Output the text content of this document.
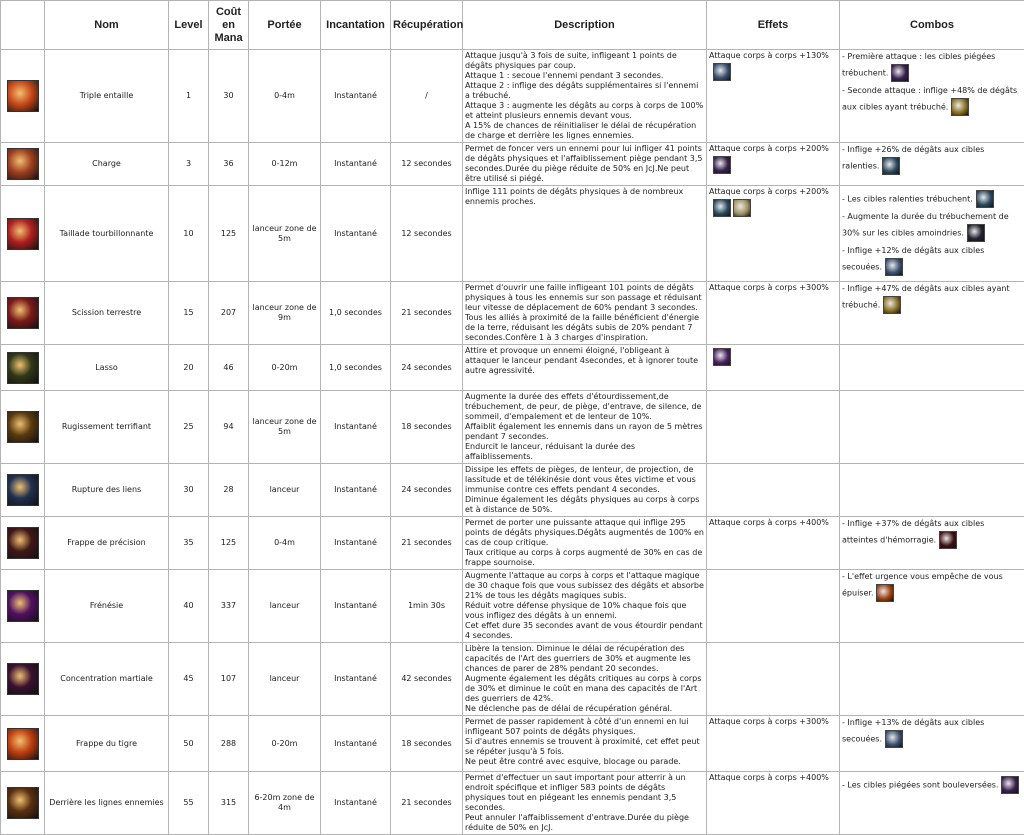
	Nom	Level	Coût en Mana	Portée	Incantation	Récupération	Description	Effets	Combos

	Triple entaille	1	30	0-4m	Instantané	/	Attaque jusqu'à 3 fois de suite, infligeant 1 points de dégâts physiques par coup.
Attaque 1 : secoue l'ennemi pendant 3 secondes.
Attaque 2 : inflige des dégâts supplémentaires si l'ennemi a trébuché.
Attaque 3 : augmente les dégâts au corps à corps de 100% et atteint plusieurs ennemis devant vous.
A 15% de chances de réinitialiser le délai de récupération de charge et derrière les lignes ennemies.	Attaque corps à corps +130%	- Première attaque : les cibles piégées trébuchent.
- Seconde attaque : inflige +48% de dégâts aux cibles ayant trébuché.

	Charge	3	36	0-12m	Instantané	12 secondes	Permet de foncer vers un ennemi pour lui infliger 41 points de dégâts physiques et l'affaiblissement piège pendant 3,5 secondes.Durée du piège réduite de 50% en JcJ.Ne peut être utilisé si piégé.	Attaque corps à corps +200%	- Inflige +26% de dégâts aux cibles ralenties.

	Taillade tourbillonnante	10	125	lanceur zone de 5m	Instantané	12 secondes	Inflige 111 points de dégâts physiques à de nombreux ennemis proches.	Attaque corps à corps +200%	- Les cibles ralenties trébuchent.
- Augmente la durée du trébuchement de 30% sur les cibles amoindries.
- Inflige +12% de dégâts aux cibles secouées.

	Scission terrestre	15	207	lanceur zone de 9m	1,0 secondes	21 secondes	Permet d'ouvrir une faille infligeant 101 points de dégâts physiques à tous les ennemis sur son passage et réduisant leur vitesse de déplacement de 60% pendant 3 secondes. Tous les alliés à proximité de la faille bénéficient d'énergie de la terre, réduisant les dégâts subis de 20% pendant 7 secondes.Confère 1 à 3 charges d'inspiration.	Attaque corps à corps +300%	- Inflige +47% de dégâts aux cibles ayant trébuché.

	Lasso	20	46	0-20m	1,0 secondes	24 secondes	Attire et provoque un ennemi éloigné, l'obligeant à attaquer le lanceur pendant 4secondes, et à ignorer toute autre agressivité.	

	Rugissement terrifiant	25	94	lanceur zone de 5m	Instantané	18 secondes	Augmente la durée des effets d'étourdissement,de trébuchement, de peur, de piège, d'entrave, de silence, de sommeil, d'empalement et de lenteur de 10%.
Affaiblit également les ennemis dans un rayon de 5 mètres pendant 7 secondes.
Endurcit le lanceur, réduisant la durée des affaiblissements.	

	Rupture des liens	30	28	lanceur	Instantané	24 secondes	Dissipe les effets de pièges, de lenteur, de projection, de lassitude et de télékinésie dont vous êtes victime et vous immunise contre ces effets pendant 4 secondes.
Diminue également les dégâts physiques au corps à corps et à distance de 50%.	

	Frappe de précision	35	125	0-4m	Instantané	21 secondes	Permet de porter une puissante attaque qui inflige 295 points de dégâts physiques.Dégâts augmentés de 100% en cas de coup critique.
Taux critique au corps à corps augmenté de 30% en cas de frappe sournoise.	Attaque corps à corps +400%	- Inflige +37% de dégâts aux cibles atteintes d'hémorragie.

	Frénésie	40	337	lanceur	Instantané	1min 30s	Augmente l'attaque au corps à corps et l'attaque magique de 30 chaque fois que vous subissez des dégâts et absorbe 21% de tous les dégâts magiques subis.
Réduit votre défense physique de 10% chaque fois que vous infligez des dégâts à un ennemi.
Cet effet dure 35 secondes avant de vous étourdir pendant 4 secondes.		- L'effet urgence vous empêche de vous épuiser.

	Concentration martiale	45	107	lanceur	Instantané	42 secondes	Libère la tension. Diminue le délai de récupération des capacités de l'Art des guerriers de 30% et augmente les chances de parer de 28% pendant 20 secondes.
Augmente également les dégâts critiques au corps à corps de 30% et diminue le coût en mana des capacités de l'Art des guerriers de 42%.
Ne déclenche pas de délai de récupération général.	

	Frappe du tigre	50	288	0-20m	Instantané	18 secondes	Permet de passer rapidement à côté d'un ennemi en lui infligeant 507 points de dégâts physiques.
Si d'autres ennemis se trouvent à proximité, cet effet peut se répéter jusqu'à 5 fois.
Ne peut être contré avec esquive, blocage ou parade.	Attaque corps à corps +300%	- Inflige +13% de dégâts aux cibles secouées.

	Derrière les lignes ennemies	55	315	6-20m zone de 4m	Instantané	21 secondes	Permet d'effectuer un saut important pour atterrir à un endroit spécifique et infliger 583 points de dégâts physiques tout en piégeant les ennemis pendant 3,5 secondes.
Peut annuler l'affaiblissement d'entrave.Durée du piège réduite de 50% en JcJ.	Attaque corps à corps +400%	- Les cibles piégées sont bouleversées.
